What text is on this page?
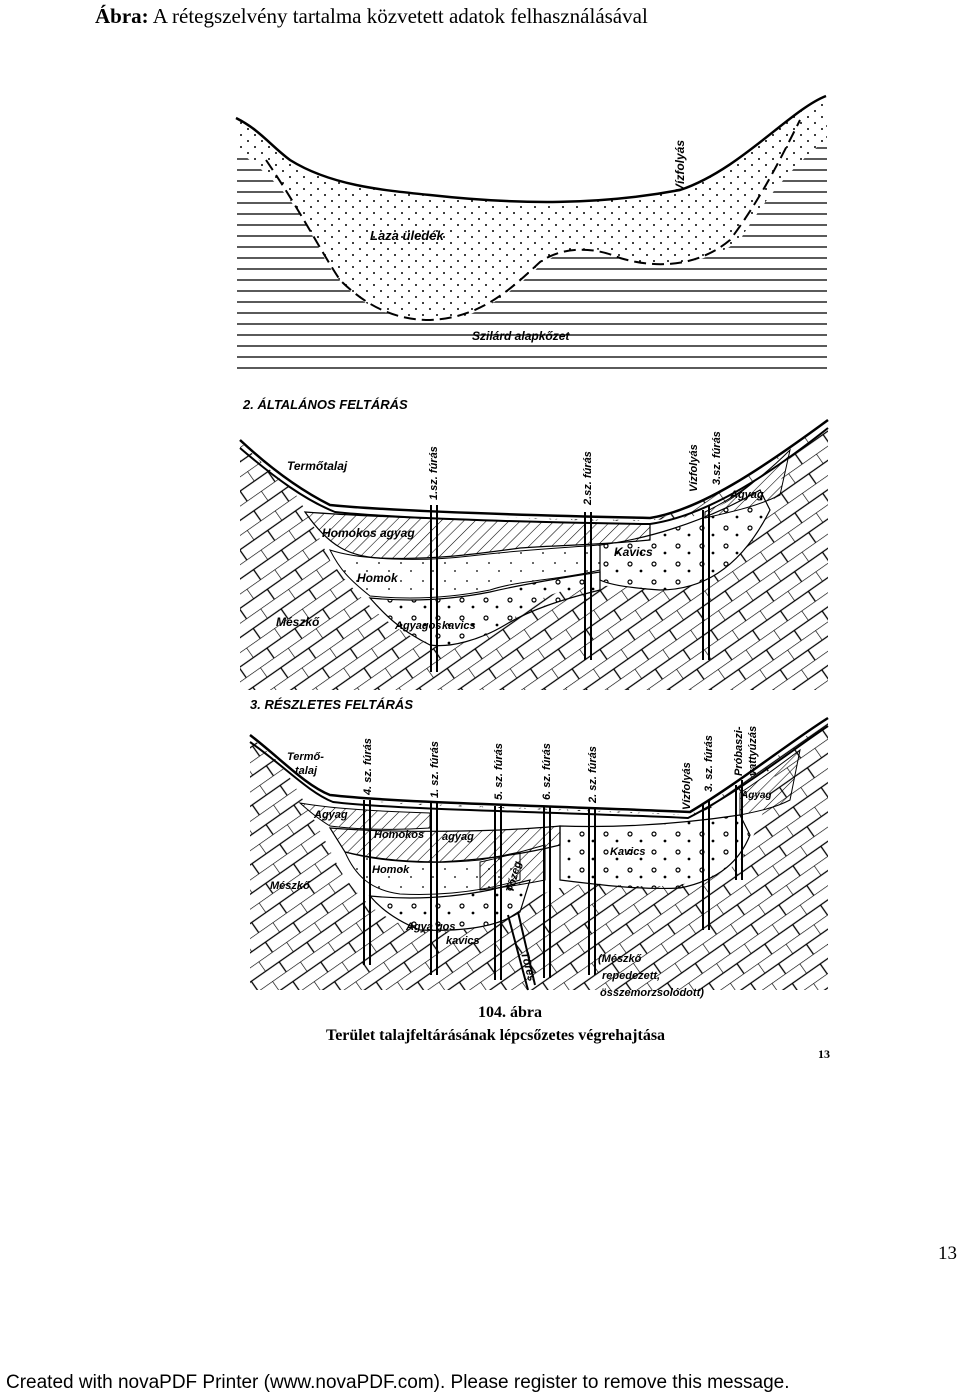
Ábra: A rétegszelvény tartalma közvetett adatok felhasználásával
Laza üledék
Szilárd alapkőzet
Vízfolyás
2. ÁLTALÁNOS FELTÁRÁS
Termőtalaj
Homokos agyag
Homok
Mészkő	Agyagos kavics
Kavics
Agyag
1.sz. fúrás	2.sz. fúrás	Vízfolyás 3.sz. fúrás
3. RÉSZLETES FELTÁRÁS
Termő-
talaj
Agyag
Homokos agyag
Homok
Mészkő	Tőzeg
Agya gos
kavics
Kavics
Agyag
Törés	(Mészkő
repedezett,
összemorzsolódott)
4. sz. fúrás	1. sz. fúrás	5. sz. fúrás	6. sz. fúrás	2. sz. fúrás	Vízfolyás 3. sz. fúrás Próbaszi- vattyúzás
104. ábra
Terület talajfeltárásának lépcsőzetes végrehajtása
13
13
Created with novaPDF Printer (www.novaPDF.com). Please register to remove this message.
